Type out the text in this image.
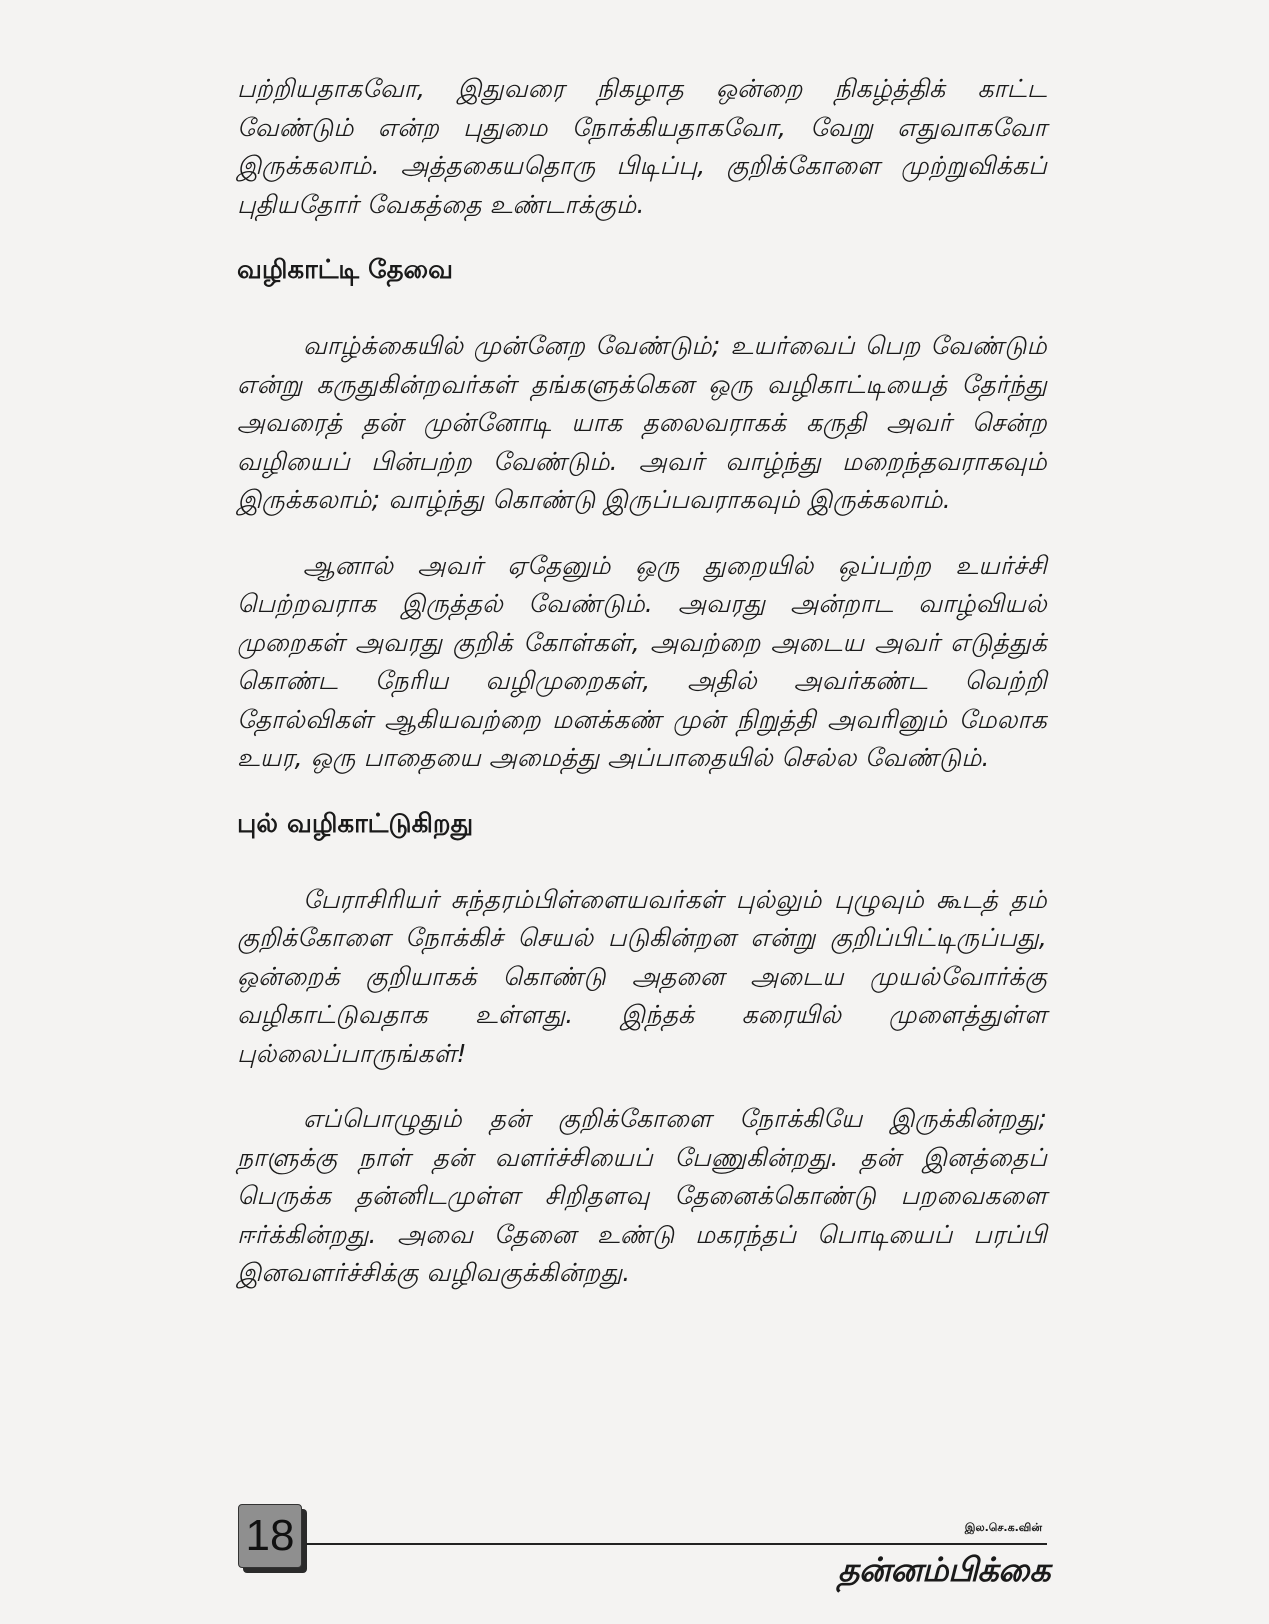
பற்றியதாகவோ, இதுவரை நிகழாத ஒன்றை நிகழ்த்திக் காட்ட வேண்டும் என்ற புதுமை நோக்கியதாகவோ, வேறு எதுவாகவோ இருக்கலாம். அத்தகையதொரு பிடிப்பு, குறிக்கோளை முற்றுவிக்கப் புதியதோர் வேகத்தை உண்டாக்கும்.

வழிகாட்டி தேவை

வாழ்க்கையில் முன்னேற வேண்டும்; உயர்வைப் பெற வேண்டும் என்று கருதுகின்றவர்கள் தங்களுக்கென ஒரு வழிகாட்டியைத் தேர்ந்து அவரைத் தன் முன்னோடி யாக தலைவராகக் கருதி அவர் சென்ற வழியைப் பின்பற்ற வேண்டும். அவர் வாழ்ந்து மறைந்தவராகவும் இருக்கலாம்; வாழ்ந்து கொண்டு இருப்பவராகவும் இருக்கலாம்.

ஆனால் அவர் ஏதேனும் ஒரு துறையில் ஒப்பற்ற உயர்ச்சி பெற்றவராக இருத்தல் வேண்டும். அவரது அன்றாட வாழ்வியல் முறைகள் அவரது குறிக் கோள்கள், அவற்றை அடைய அவர் எடுத்துக் கொண்ட நேரிய வழிமுறைகள், அதில் அவர்கண்ட வெற்றி தோல்விகள் ஆகியவற்றை மனக்கண் முன் நிறுத்தி அவரினும் மேலாக உயர, ஒரு பாதையை அமைத்து அப்பாதையில் செல்ல வேண்டும்.

புல் வழிகாட்டுகிறது

பேராசிரியர் சுந்தரம்பிள்ளையவர்கள் புல்லும் புழுவும் கூடத் தம் குறிக்கோளை நோக்கிச் செயல் படுகின்றன என்று குறிப்பிட்டிருப்பது, ஒன்றைக் குறியாகக் கொண்டு அதனை அடைய முயல்வோர்க்கு வழிகாட்டுவதாக உள்ளது. இந்தக் கரையில் முளைத்துள்ள புல்லைப்பாருங்கள்!

எப்பொழுதும் தன் குறிக்கோளை நோக்கியே இருக்கின்றது; நாளுக்கு நாள் தன் வளர்ச்சியைப் பேணுகின்றது. தன் இனத்தைப் பெருக்க தன்னிடமுள்ள சிறிதளவு தேனைக்கொண்டு பறவைகளை ஈர்க்கின்றது. அவை தேனை உண்டு மகரந்தப் பொடியைப் பரப்பி இனவளர்ச்சிக்கு வழிவகுக்கின்றது.

18	இல.செ.க.வின்
தன்னம்பிக்கை
